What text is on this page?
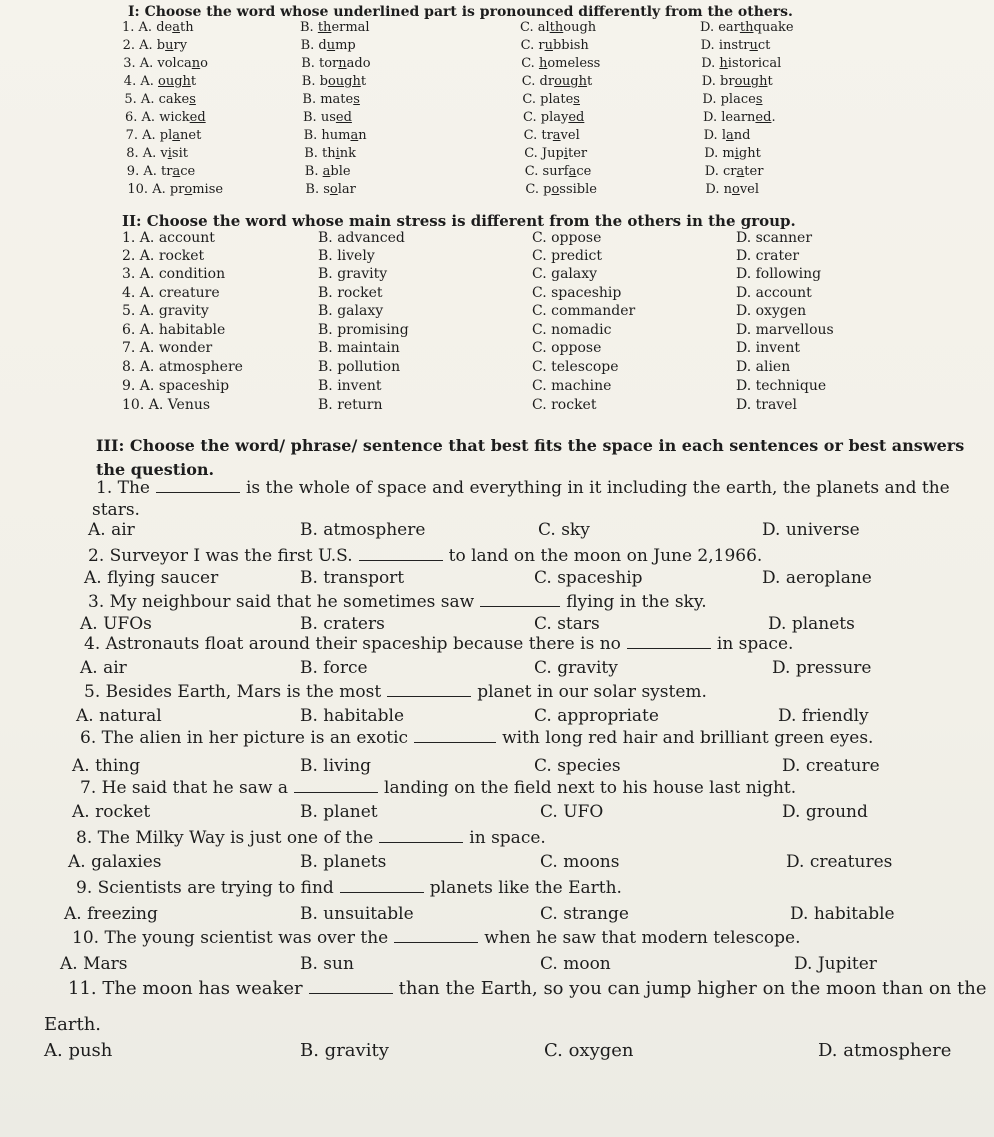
I: Choose the word whose underlined part is pronounced differently from the others.
1. A. death	B. thermal	C. although	D. earthquake
2. A. bury	B. dump	C. rubbish	D. instruct
3. A. volcano	B. tornado	C. homeless	D. historical
4. A. ought	B. bought	C. drought	D. brought
5. A. cakes	B. mates	C. plates	D. places
6. A. wicked	B. used	C. played	D. learned.
7. A. planet	B. human	C. travel	D. land
8. A. visit	B. think	C. Jupiter	D. might
9. A. trace	B. able	C. surface	D. crater
10. A. promise	B. solar	C. possible	D. novel
II: Choose the word whose main stress is different from the others in the group.
1. A. account	B. advanced	C. oppose	D. scanner
2. A. rocket	B. lively	C. predict	D. crater
3. A. condition	B. gravity	C. galaxy	D. following
4. A. creature	B. rocket	C. spaceship	D. account
5. A. gravity	B. galaxy	C. commander	D. oxygen
6. A. habitable	B. promising	C. nomadic	D. marvellous
7. A. wonder	B. maintain	C. oppose	D. invent
8. A. atmosphere	B. pollution	C. telescope	D. alien
9. A. spaceship	B. invent	C. machine	D. technique
10. A. Venus	B. return	C. rocket	D. travel
III: Choose the word/ phrase/ sentence that best fits the space in each sentences or best answers
the question.
1. The	is the whole of space and everything in it including the earth, the planets and the
stars.
A. air	B. atmosphere	C. sky	D. universe
2. Surveyor I was the first U.S.	to land on the moon on June 2,1966.
A. flying saucer	B. transport	C. spaceship	D. aeroplane
3. My neighbour said that he sometimes saw	flying in the sky.
A. UFOs	B. craters	C. stars	D. planets
4. Astronauts float around their spaceship because there is no	in space.
A. air	B. force	C. gravity	D. pressure
5. Besides Earth, Mars is the most	planet in our solar system.
A. natural	B. habitable	C. appropriate	D. friendly
6. The alien in her picture is an exotic	with long red hair and brilliant green eyes.
A. thing	B. living	C. species	D. creature
7. He said that he saw a	landing on the field next to his house last night.
A. rocket	B. planet	C. UFO	D. ground
8. The Milky Way is just one of the	in space.
A. galaxies	B. planets	C. moons	D. creatures
9. Scientists are trying to find	planets like the Earth.
A. freezing	B. unsuitable	C. strange	D. habitable
10. The young scientist was over the	when he saw that modern telescope.
A. Mars	B. sun	C. moon	D. Jupiter
11. The moon has weaker	than the Earth, so you can jump higher on the moon than on the
Earth.
A. push	B. gravity	C. oxygen	D. atmosphere
